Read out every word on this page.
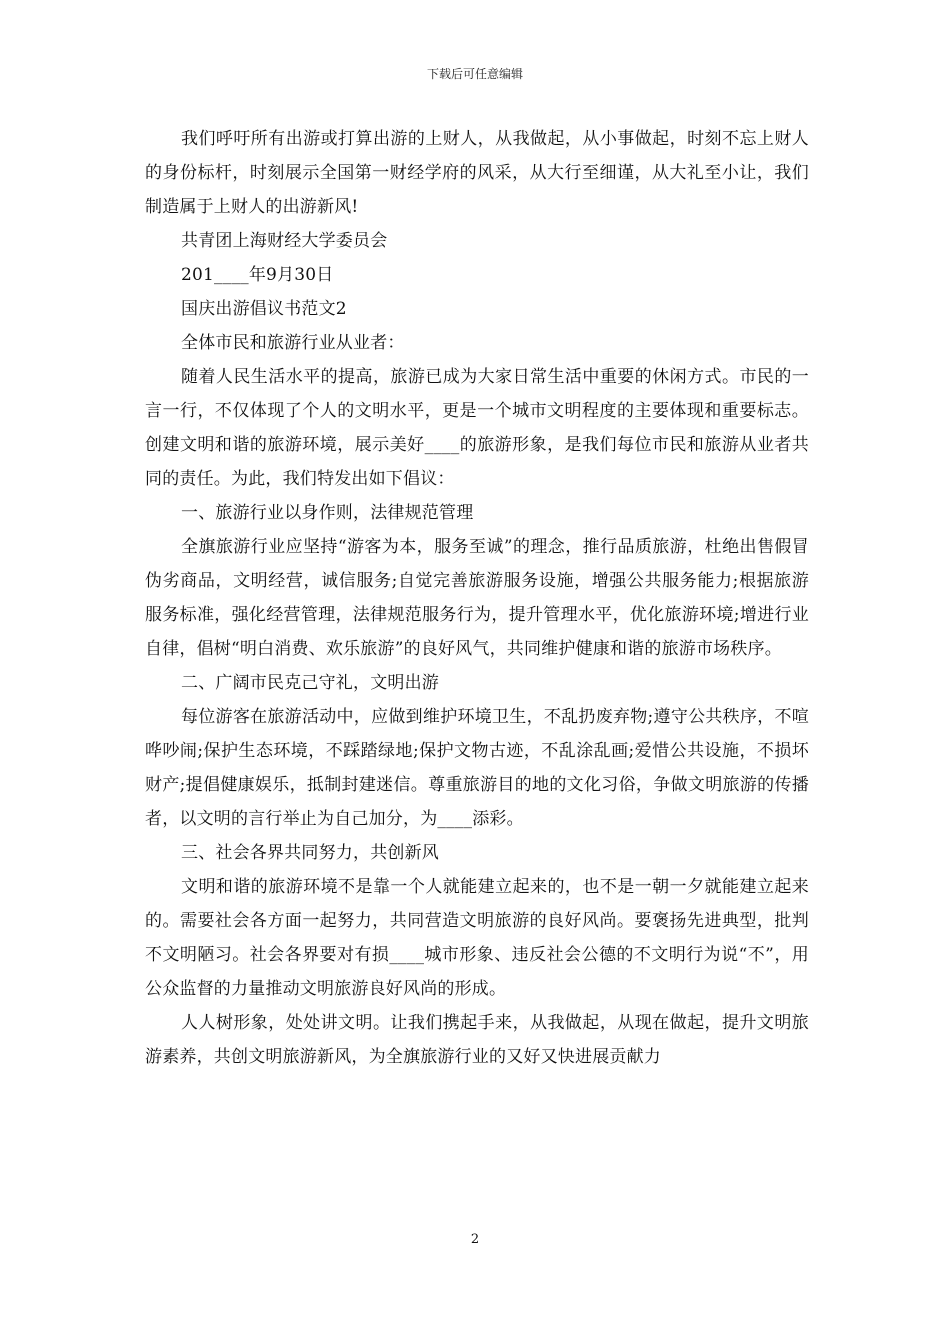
下载后可任意编辑

我们呼吁所有出游或打算出游的上财人，从我做起，从小事做起，时刻不忘上财人的身份标杆，时刻展示全国第一财经学府的风采，从大行至细谨，从大礼至小让，我们制造属于上财人的出游新风!

共青团上海财经大学委员会

201____年9月30日

国庆出游倡议书范文2

全体市民和旅游行业从业者：

随着人民生活水平的提高，旅游已成为大家日常生活中重要的休闲方式。市民的一言一行，不仅体现了个人的文明水平，更是一个城市文明程度的主要体现和重要标志。创建文明和谐的旅游环境，展示美好____的旅游形象，是我们每位市民和旅游从业者共同的责任。为此，我们特发出如下倡议：

一、旅游行业以身作则，法律规范管理

全旗旅游行业应坚持“游客为本，服务至诚”的理念，推行品质旅游，杜绝出售假冒伪劣商品，文明经营，诚信服务;自觉完善旅游服务设施，增强公共服务能力;根据旅游服务标准，强化经营管理，法律规范服务行为，提升管理水平，优化旅游环境;增进行业自律，倡树“明白消费、欢乐旅游”的良好风气，共同维护健康和谐的旅游市场秩序。

二、广阔市民克己守礼，文明出游

每位游客在旅游活动中，应做到维护环境卫生，不乱扔废弃物;遵守公共秩序，不喧哗吵闹;保护生态环境，不踩踏绿地;保护文物古迹，不乱涂乱画;爱惜公共设施，不损坏财产;提倡健康娱乐，抵制封建迷信。尊重旅游目的地的文化习俗，争做文明旅游的传播者，以文明的言行举止为自己加分，为____添彩。

三、社会各界共同努力，共创新风

文明和谐的旅游环境不是靠一个人就能建立起来的，也不是一朝一夕就能建立起来的。需要社会各方面一起努力，共同营造文明旅游的良好风尚。要褒扬先进典型，批判不文明陋习。社会各界要对有损____城市形象、违反社会公德的不文明行为说“不”，用公众监督的力量推动文明旅游良好风尚的形成。

人人树形象，处处讲文明。让我们携起手来，从我做起，从现在做起，提升文明旅游素养，共创文明旅游新风，为全旗旅游行业的又好又快进展贡献力

2
